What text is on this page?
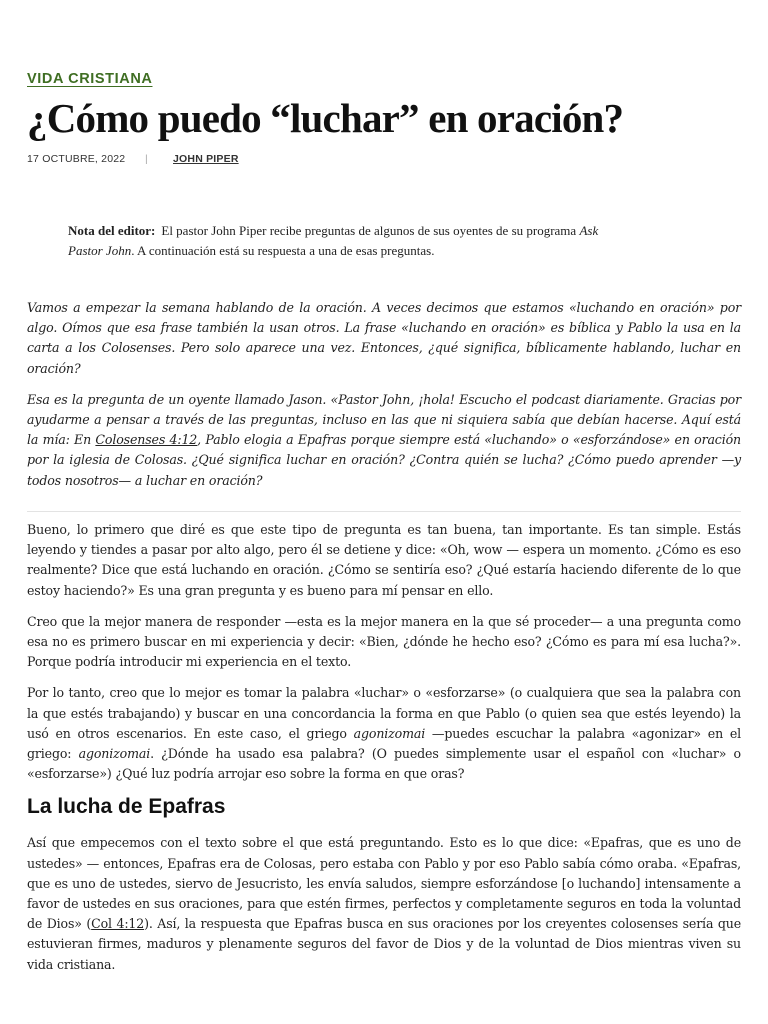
VIDA CRISTIANA
¿Cómo puedo “luchar” en oración?
17 OCTUBRE, 2022 | JOHN PIPER
Nota del editor: El pastor John Piper recibe preguntas de algunos de sus oyentes de su programa Ask Pastor John. A continuación está su respuesta a una de esas preguntas.

Vamos a empezar la semana hablando de la oración. A veces decimos que estamos «luchando en oración» por algo. Oímos que esa frase también la usan otros. La frase «luchando en oración» es bíblica y Pablo la usa en la carta a los Colosenses. Pero solo aparece una vez. Entonces, ¿qué significa, bíblicamente hablando, luchar en oración?

Esa es la pregunta de un oyente llamado Jason. «Pastor John, ¡hola! Escucho el podcast diariamente. Gracias por ayudarme a pensar a través de las preguntas, incluso en las que ni siquiera sabía que debían hacerse. Aquí está la mía: En Colosenses 4:12, Pablo elogia a Epafras porque siempre está «luchando» o «esforzándose» en oración por la iglesia de Colosas. ¿Qué significa luchar en oración? ¿Contra quién se lucha? ¿Cómo puedo aprender —y todos nosotros— a luchar en oración?

Bueno, lo primero que diré es que este tipo de pregunta es tan buena, tan importante. Es tan simple. Estás leyendo y tiendes a pasar por alto algo, pero él se detiene y dice: «Oh, wow — espera un momento. ¿Cómo es eso realmente? Dice que está luchando en oración. ¿Cómo se sentiría eso? ¿Qué estaría haciendo diferente de lo que estoy haciendo?» Es una gran pregunta y es bueno para mí pensar en ello.

Creo que la mejor manera de responder —esta es la mejor manera en la que sé proceder— a una pregunta como esa no es primero buscar en mi experiencia y decir: «Bien, ¿dónde he hecho eso? ¿Cómo es para mí esa lucha?». Porque podría introducir mi experiencia en el texto.

Por lo tanto, creo que lo mejor es tomar la palabra «luchar» o «esforzarse» (o cualquiera que sea la palabra con la que estés trabajando) y buscar en una concordancia la forma en que Pablo (o quien sea que estés leyendo) la usó en otros escenarios. En este caso, el griego agonizomai —puedes escuchar la palabra «agonizar» en el griego: agonizomai. ¿Dónde ha usado esa palabra? (O puedes simplemente usar el español con «luchar» o «esforzarse») ¿Qué luz podría arrojar eso sobre la forma en que oras?

La lucha de Epafras

Así que empecemos con el texto sobre el que está preguntando. Esto es lo que dice: «Epafras, que es uno de ustedes» — entonces, Epafras era de Colosas, pero estaba con Pablo y por eso Pablo sabía cómo oraba. «Epafras, que es uno de ustedes, siervo de Jesucristo, les envía saludos, siempre esforzándose [o luchando] intensamente a favor de ustedes en sus oraciones, para que estén firmes, perfectos y completamente seguros en toda la voluntad de Dios» (Col 4:12). Así, la respuesta que Epafras busca en sus oraciones por los creyentes colosenses sería que estuvieran firmes, maduros y plenamente seguros del favor de Dios y de la voluntad de Dios mientras viven su vida cristiana.
